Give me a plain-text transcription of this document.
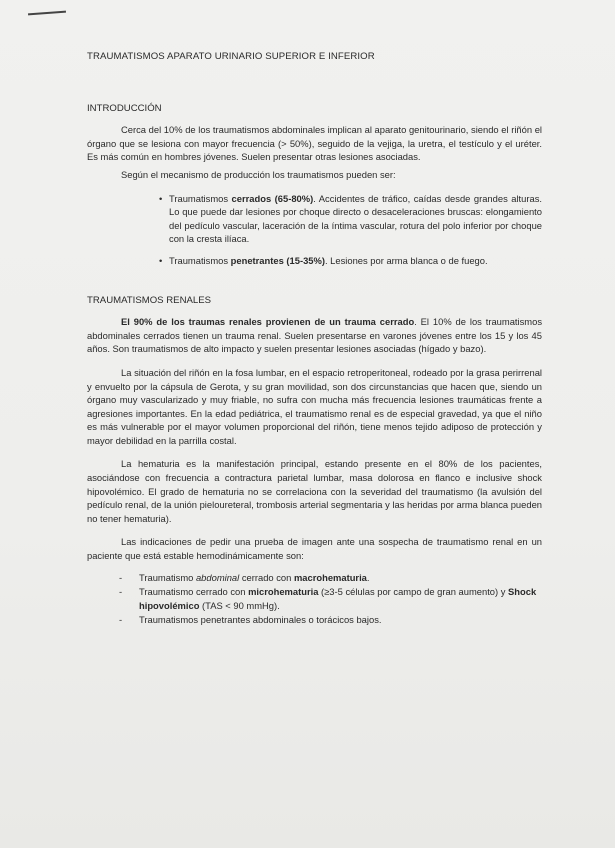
TRAUMATISMOS APARATO URINARIO SUPERIOR E INFERIOR
INTRODUCCIÓN

Cerca del 10% de los traumatismos abdominales implican al aparato genitourinario, siendo el riñón el órgano que se lesiona con mayor frecuencia (> 50%), seguido de la vejiga, la uretra, el testículo y el uréter. Es más común en hombres jóvenes. Suelen presentar otras lesiones asociadas.

Según el mecanismo de producción los traumatismos pueden ser:

• Traumatismos cerrados (65-80%). Accidentes de tráfico, caídas desde grandes alturas. Lo que puede dar lesiones por choque directo o desaceleraciones bruscas: elongamiento del pedículo vascular, laceración de la íntima vascular, rotura del polo inferior por choque con la cresta ilíaca.
• Traumatismos penetrantes (15-35%). Lesiones por arma blanca o de fuego.
TRAUMATISMOS RENALES

El 90% de los traumas renales provienen de un trauma cerrado. El 10% de los traumatismos abdominales cerrados tienen un trauma renal. Suelen presentarse en varones jóvenes entre los 15 y los 45 años. Son traumatismos de alto impacto y suelen presentar lesiones asociadas (hígado y bazo).

La situación del riñón en la fosa lumbar, en el espacio retroperitoneal, rodeado por la grasa perirrenal y envuelto por la cápsula de Gerota, y su gran movilidad, son dos circunstancias que hacen que, siendo un órgano muy vascularizado y muy friable, no sufra con mucha más frecuencia lesiones traumáticas frente a agresiones importantes. En la edad pediátrica, el traumatismo renal es de especial gravedad, ya que el niño es más vulnerable por el mayor volumen proporcional del riñón, tiene menos tejido adiposo de protección y mayor debilidad en la parrilla costal.

La hematuria es la manifestación principal, estando presente en el 80% de los pacientes, asociándose con frecuencia a contractura parietal lumbar, masa dolorosa en flanco e inclusive shock hipovolémico. El grado de hematuria no se correlaciona con la severidad del traumatismo (la avulsión del pedículo renal, de la unión pieloureteral, trombosis arterial segmentaria y las heridas por arma blanca pueden no tener hematuria).

Las indicaciones de pedir una prueba de imagen ante una sospecha de traumatismo renal en un paciente que está estable hemodinámicamente son:

- Traumatismo abdominal cerrado con macrohematuria.
- Traumatismo cerrado con microhematuria (≥3-5 células por campo de gran aumento) y Shock hipovolémico (TAS < 90 mmHg).
- Traumatismos penetrantes abdominales o torácicos bajos.
